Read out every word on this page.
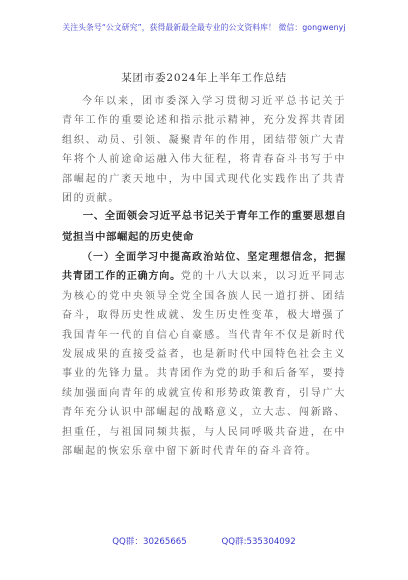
关注头条号“公文研究”，获得最新最全最专业的公文资料库！ 微信：gongwenyj
某团市委2024年上半年工作总结
今年以来，团市委深入学习贯彻习近平总书记关于青年工作的重要论述和指示批示精神，充分发挥共青团组织、动员、引领、凝聚青年的作用，团结带领广大青年将个人前途命运融入伟大征程，将青春奋斗书写于中部崛起的广袤天地中，为中国式现代化实践作出了共青团的贡献。
一、全面领会习近平总书记关于青年工作的重要思想自觉担当中部崛起的历史使命
（一）全面学习中提高政治站位、坚定理想信念，把握共青团工作的正确方向。党的十八大以来，以习近平同志为核心的党中央领导全党全国各族人民一道打拼、团结奋斗，取得历史性成就、发生历史性变革，极大增强了我国青年一代的自信心自豪感。当代青年不仅是新时代发展成果的直接受益者，也是新时代中国特色社会主义事业的先锋力量。共青团作为党的助手和后备军，要持续加强面向青年的成就宣传和形势政策教育，引导广大青年充分认识中部崛起的战略意义，立大志、闯新路、担重任，与祖国同频共振，与人民同呼吸共奋进，在中部崛起的恢宏乐章中留下新时代青年的奋斗音符。
QQ群：30265665	QQ群:535304092
